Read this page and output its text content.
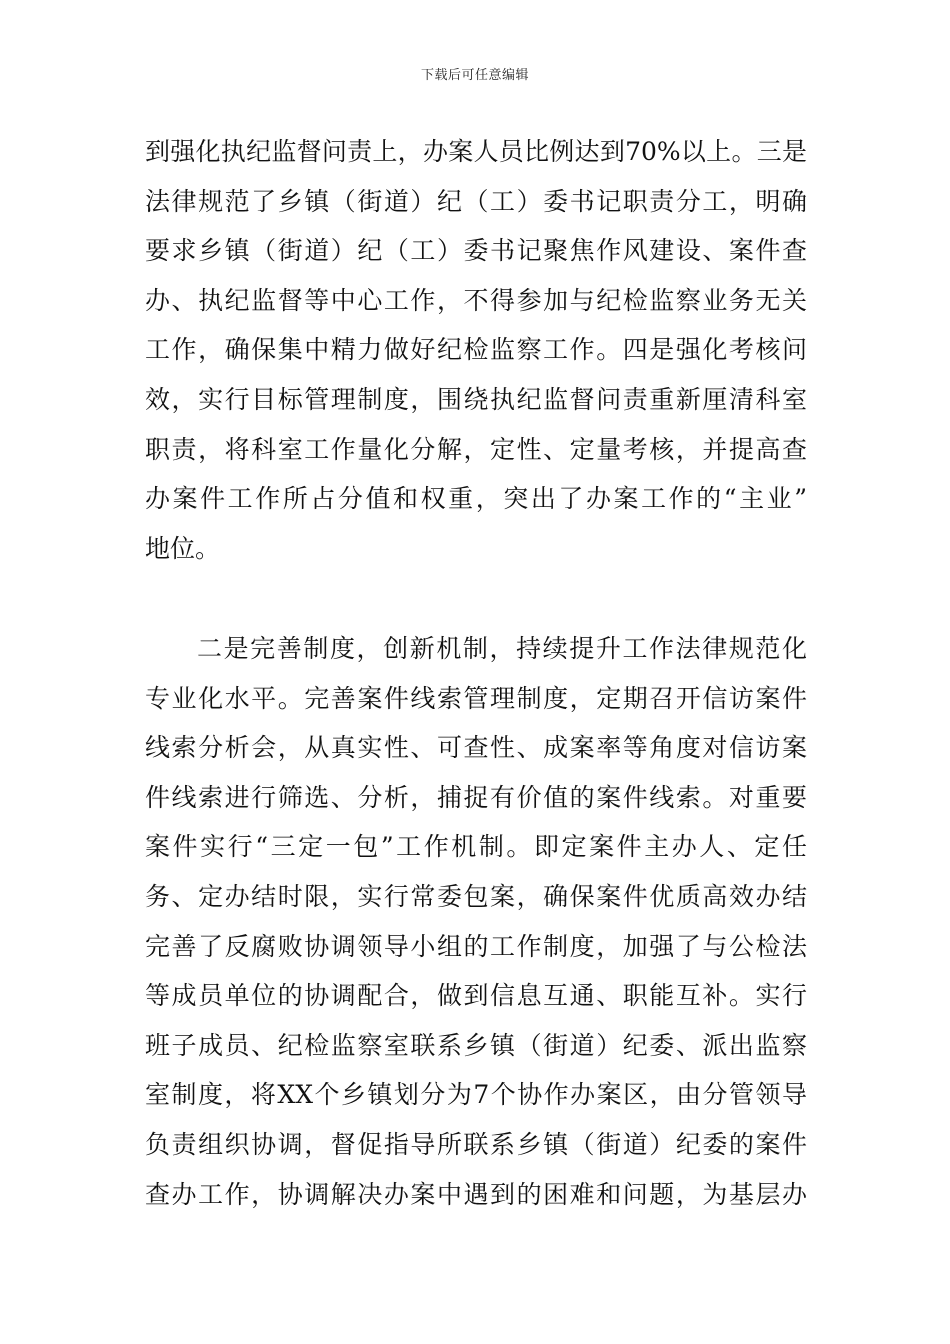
下载后可任意编辑
到强化执纪监督问责上，办案人员比例达到70%以上。三是
法律规范了乡镇（街道）纪（工）委书记职责分工，明确
要求乡镇（街道）纪（工）委书记聚焦作风建设、案件查
办、执纪监督等中心工作，不得参加与纪检监察业务无关
工作，确保集中精力做好纪检监察工作。四是强化考核问
效，实行目标管理制度，围绕执纪监督问责重新厘清科室
职责，将科室工作量化分解，定性、定量考核，并提高查
办案件工作所占分值和权重，突出了办案工作的“主业”
地位。
二是完善制度，创新机制，持续提升工作法律规范化
专业化水平。完善案件线索管理制度，定期召开信访案件
线索分析会，从真实性、可查性、成案率等角度对信访案
件线索进行筛选、分析，捕捉有价值的案件线索。对重要
案件实行“三定一包”工作机制。即定案件主办人、定任
务、定办结时限，实行常委包案，确保案件优质高效办结
完善了反腐败协调领导小组的工作制度，加强了与公检法
等成员单位的协调配合，做到信息互通、职能互补。实行
班子成员、纪检监察室联系乡镇（街道）纪委、派出监察
室制度，将XX个乡镇划分为7个协作办案区，由分管领导
负责组织协调，督促指导所联系乡镇（街道）纪委的案件
查办工作，协调解决办案中遇到的困难和问题，为基层办
